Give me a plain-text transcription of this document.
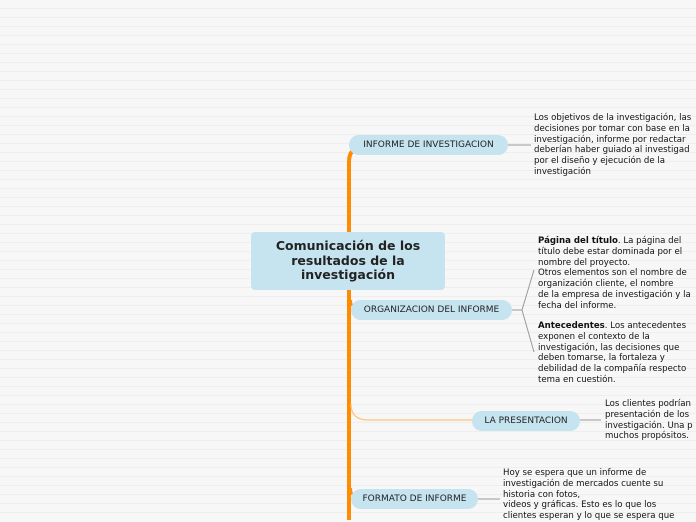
Comunicación de los resultados de la investigación
INFORME DE INVESTIGACION
Los objetivos de la investigación, las
decisiones por tomar con base en la
investigación, informe por redactar
deberían haber guiado al investigad
por el diseño y ejecución de la
investigación
ORGANIZACION DEL INFORME
Página del título. La página del
título debe estar dominada por el
nombre del proyecto.
Otros elementos son el nombre de
organización cliente, el nombre
de la empresa de investigación y la
fecha del informe.
Antecedentes. Los antecedentes
exponen el contexto de la
investigación, las decisiones que
deben tomarse, la fortaleza y
debilidad de la compañía respecto
tema en cuestión.
LA PRESENTACION
Los clientes podrían
presentación de los
investigación. Una p
muchos propósitos.
FORMATO DE INFORME
Hoy se espera que un informe de
investigación de mercados cuente su
historia con fotos,
videos y gráficas. Esto es lo que los
clientes esperan y lo que se espera que
